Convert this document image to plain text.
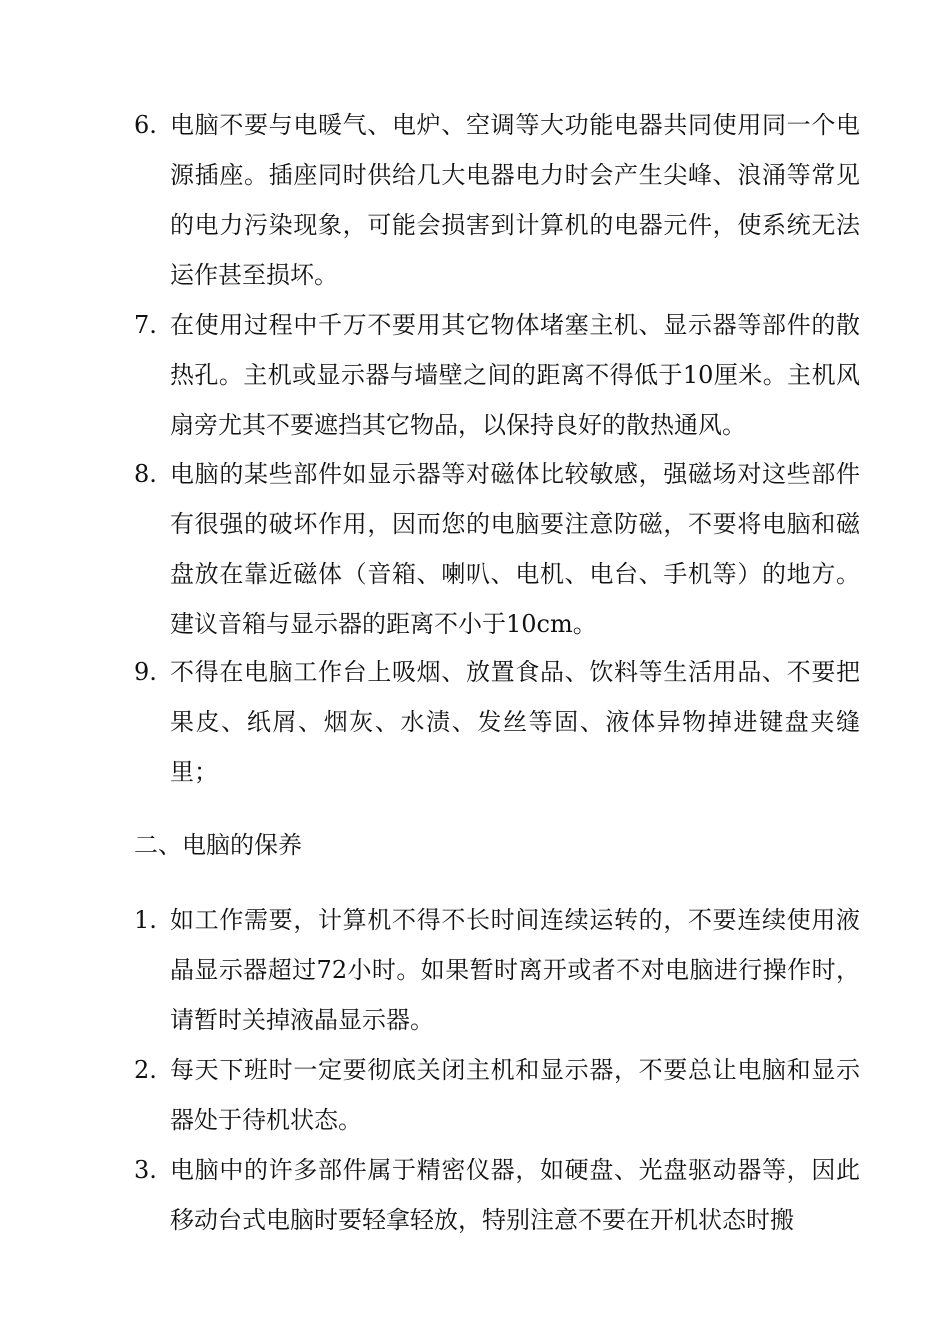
6. 电脑不要与电暖气、电炉、空调等大功能电器共同使用同一个电源插座。插座同时供给几大电器电力时会产生尖峰、浪涌等常见的电力污染现象，可能会损害到计算机的电器元件，使系统无法运作甚至损坏。
7. 在使用过程中千万不要用其它物体堵塞主机、显示器等部件的散热孔。主机或显示器与墙壁之间的距离不得低于10厘米。主机风扇旁尤其不要遮挡其它物品，以保持良好的散热通风。
8. 电脑的某些部件如显示器等对磁体比较敏感，强磁场对这些部件有很强的破坏作用，因而您的电脑要注意防磁，不要将电脑和磁盘放在靠近磁体（音箱、喇叭、电机、电台、手机等）的地方。建议音箱与显示器的距离不小于10cm。
9. 不得在电脑工作台上吸烟、放置食品、饮料等生活用品、不要把果皮、纸屑、烟灰、水渍、发丝等固、液体异物掉进键盘夹缝里；
二、电脑的保养
1. 如工作需要，计算机不得不长时间连续运转的，不要连续使用液晶显示器超过72小时。如果暂时离开或者不对电脑进行操作时，请暂时关掉液晶显示器。
2. 每天下班时一定要彻底关闭主机和显示器，不要总让电脑和显示器处于待机状态。
3. 电脑中的许多部件属于精密仪器，如硬盘、光盘驱动器等，因此移动台式电脑时要轻拿轻放，特别注意不要在开机状态时搬
